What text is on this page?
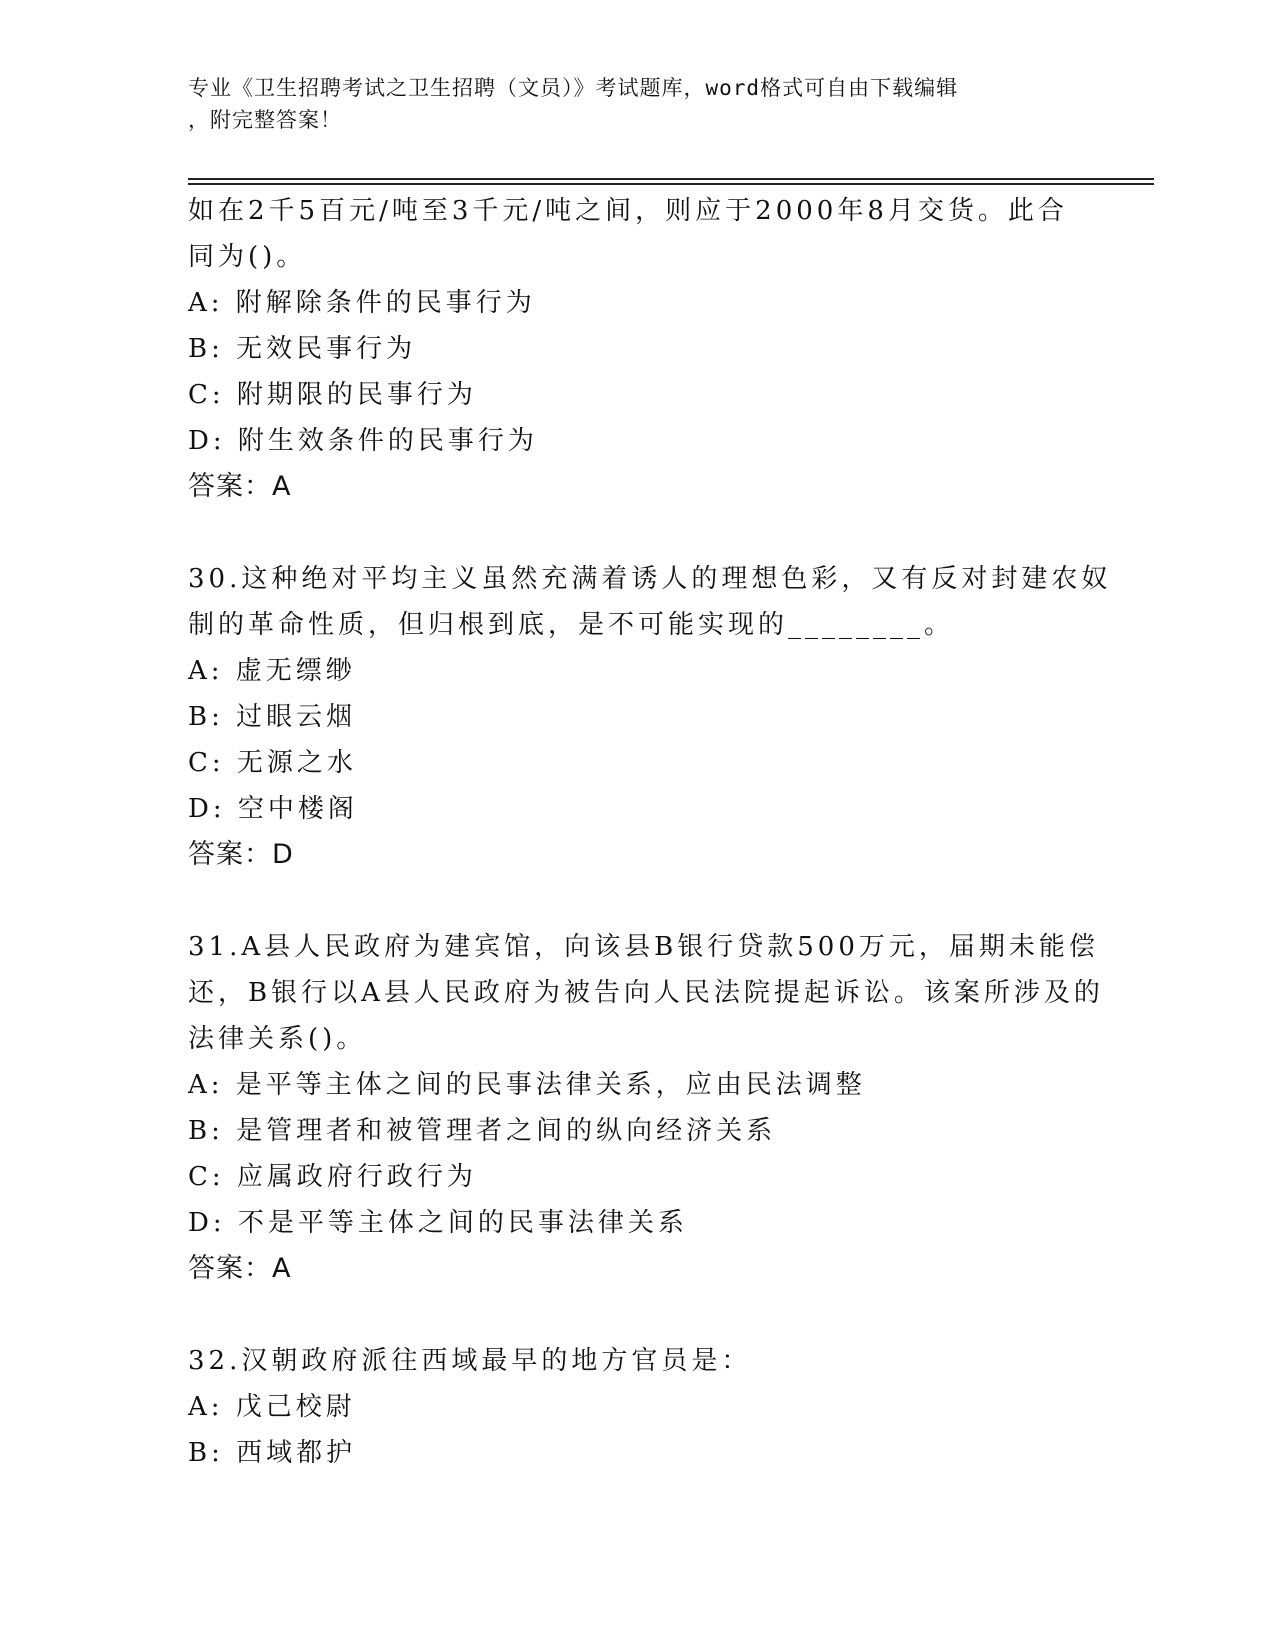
专业《卫生招聘考试之卫生招聘（文员）》考试题库，word格式可自由下载编辑
，附完整答案！
如在2千5百元/吨至3千元/吨之间，则应于2000年8月交货。此合
同为()。
A: 附解除条件的民事行为
B: 无效民事行为
C: 附期限的民事行为
D: 附生效条件的民事行为
答案：A
30.这种绝对平均主义虽然充满着诱人的理想色彩，又有反对封建农奴
制的革命性质，但归根到底，是不可能实现的________。
A: 虚无缥缈
B: 过眼云烟
C: 无源之水
D: 空中楼阁
答案：D
31.A县人民政府为建宾馆，向该县B银行贷款500万元，届期未能偿
还，B银行以A县人民政府为被告向人民法院提起诉讼。该案所涉及的
法律关系()。
A: 是平等主体之间的民事法律关系，应由民法调整
B: 是管理者和被管理者之间的纵向经济关系
C: 应属政府行政行为
D: 不是平等主体之间的民事法律关系
答案：A
32.汉朝政府派往西域最早的地方官员是：
A: 戊己校尉
B: 西域都护
